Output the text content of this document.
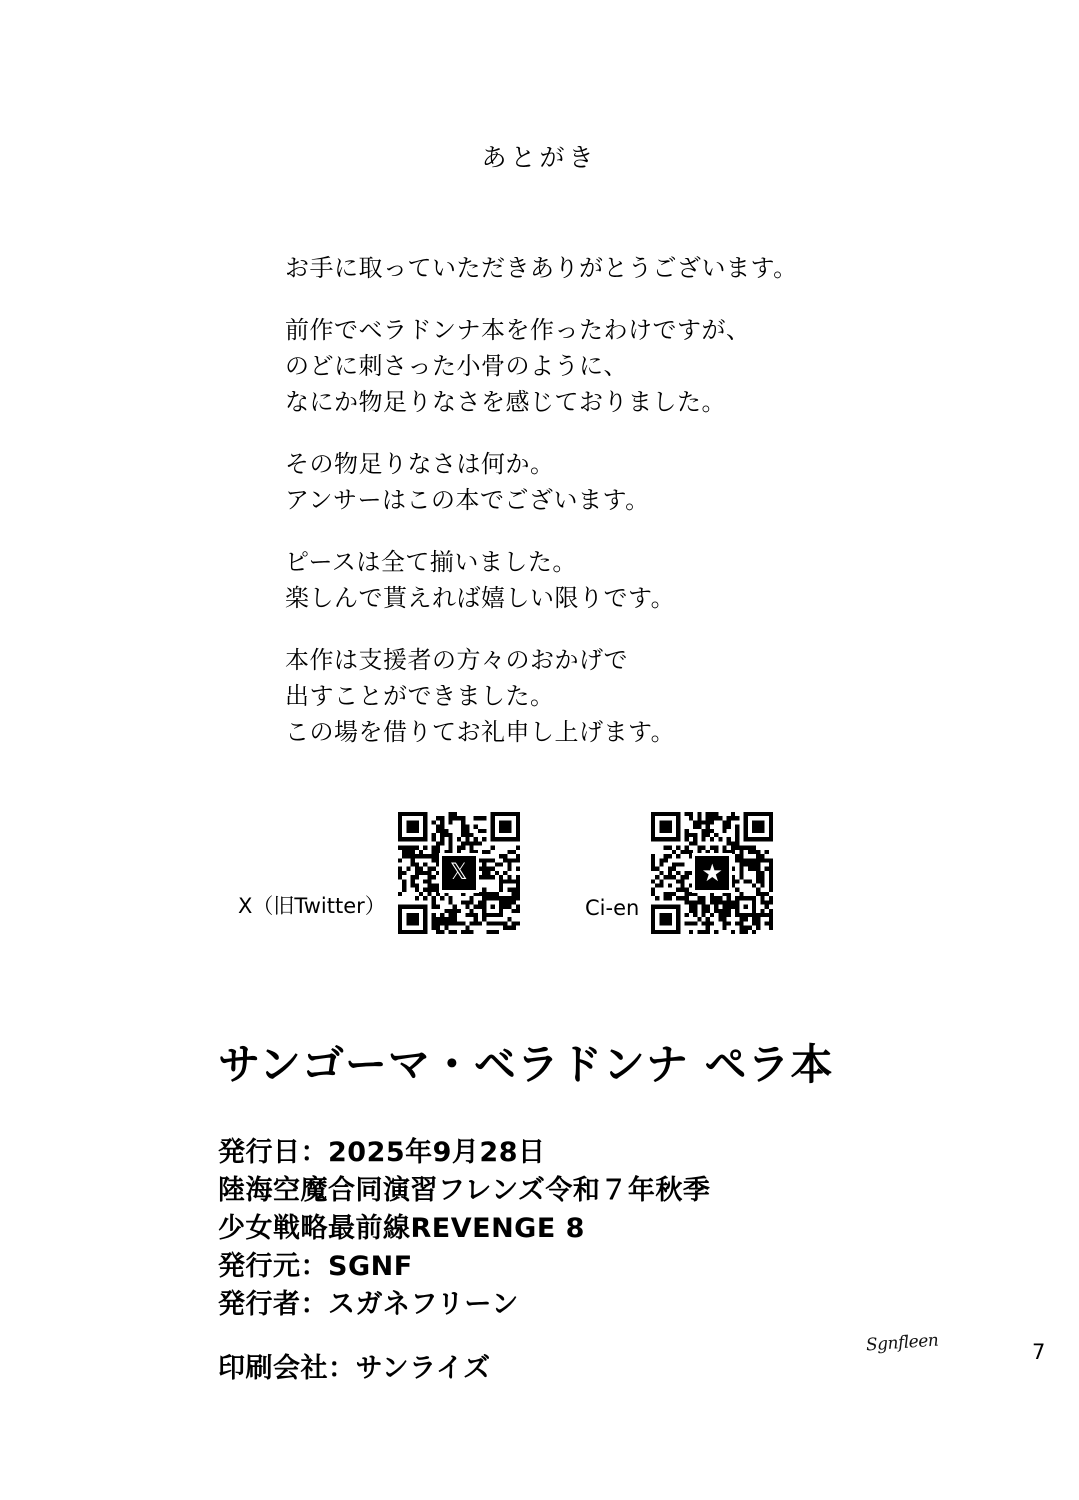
あとがき

お手に取っていただきありがとうございます。

前作でベラドンナ本を作ったわけですが、
のどに刺さった小骨のように、
なにか物足りなさを感じておりました。

その物足りなさは何か。
アンサーはこの本でございます。

ピースは全て揃いました。
楽しんで貰えれば嬉しい限りです。

本作は支援者の方々のおかげで
出すことができました。
この場を借りてお礼申し上げます。

X（旧Twitter）
𝕏
Ci-en
★
サンゴーマ・ベラドンナ ペラ本
発行日：2025年9月28日
陸海空魔合同演習フレンズ令和７年秋季
少女戦略最前線REVENGE 8
発行元：SGNF
発行者：スガネフリーン
印刷会社：サンライズ
Sgnfleen	7
